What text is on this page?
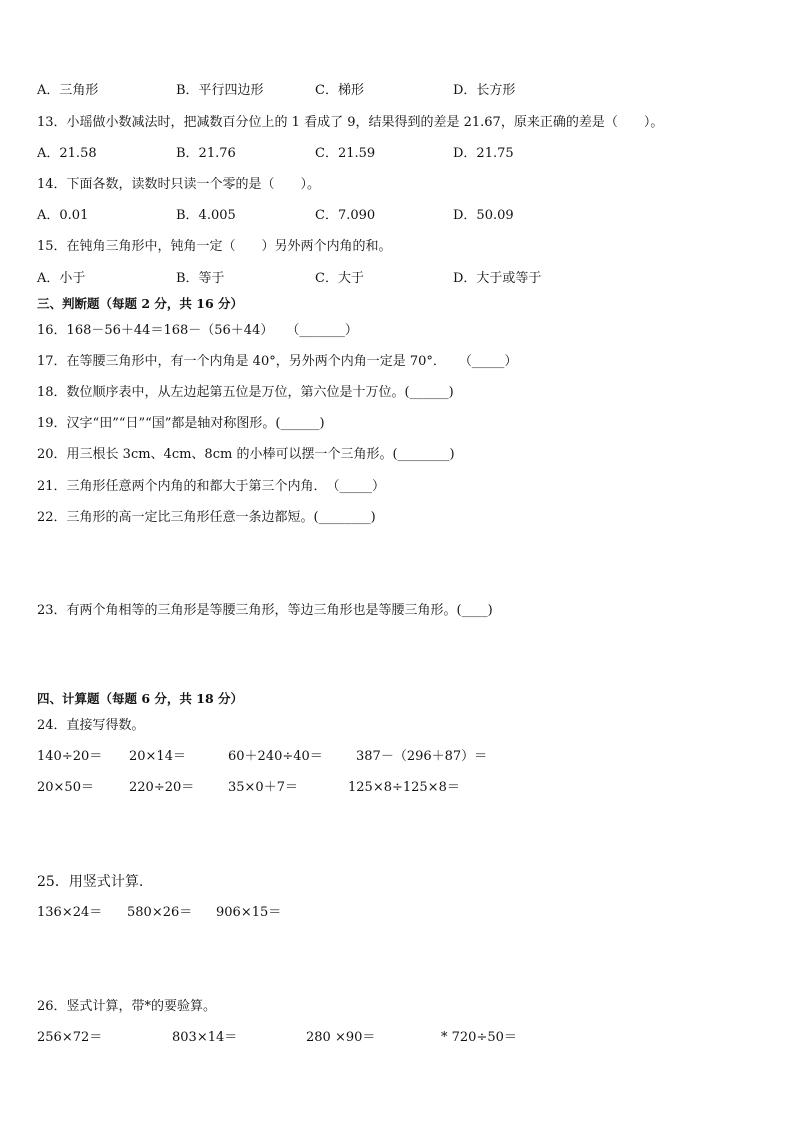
A．三角形	B．平行四边形	C．梯形	D．长方形
13．小瑶做小数减法时，把减数百分位上的 1 看成了 9，结果得到的差是 21.67，原来正确的差是（　　）。
A．21.58	B．21.76	C．21.59	D．21.75
14．下面各数，读数时只读一个零的是（　　）。
A．0.01	B．4.005	C．7.090	D．50.09
15．在钝角三角形中，钝角一定（　　）另外两个内角的和。
A．小于	B．等于	C．大于	D．大于或等于
三、判断题（每题 2 分，共 16 分）
16．168－56＋44＝168－（56＋44）　　（_______）
17．在等腰三角形中，有一个内角是 40°，另外两个内角一定是 70°．　　（_____）
18．数位顺序表中，从左边起第五位是万位，第六位是十万位。(______)
19．汉字“田”“日”“国”都是轴对称图形。(______)
20．用三根长 3cm、4cm、8cm 的小棒可以摆一个三角形。(________)
21．三角形任意两个内角的和都大于第三个内角．　（_____）
22．三角形的高一定比三角形任意一条边都短。(________)
23．有两个角相等的三角形是等腰三角形，等边三角形也是等腰三角形。(____)
四、计算题（每题 6 分，共 18 分）
24．直接写得数。
140÷20＝ 20×14＝	60＋240÷40＝	387－（296＋87）＝
20×50＝	220÷20＝	35×0＋7＝	125×8÷125×8＝
25．用竖式计算.
136×24＝ 580×26＝ 906×15＝
26．竖式计算，带*的要验算。
256×72＝	803×14＝	280 ×90＝	* 720÷50＝
